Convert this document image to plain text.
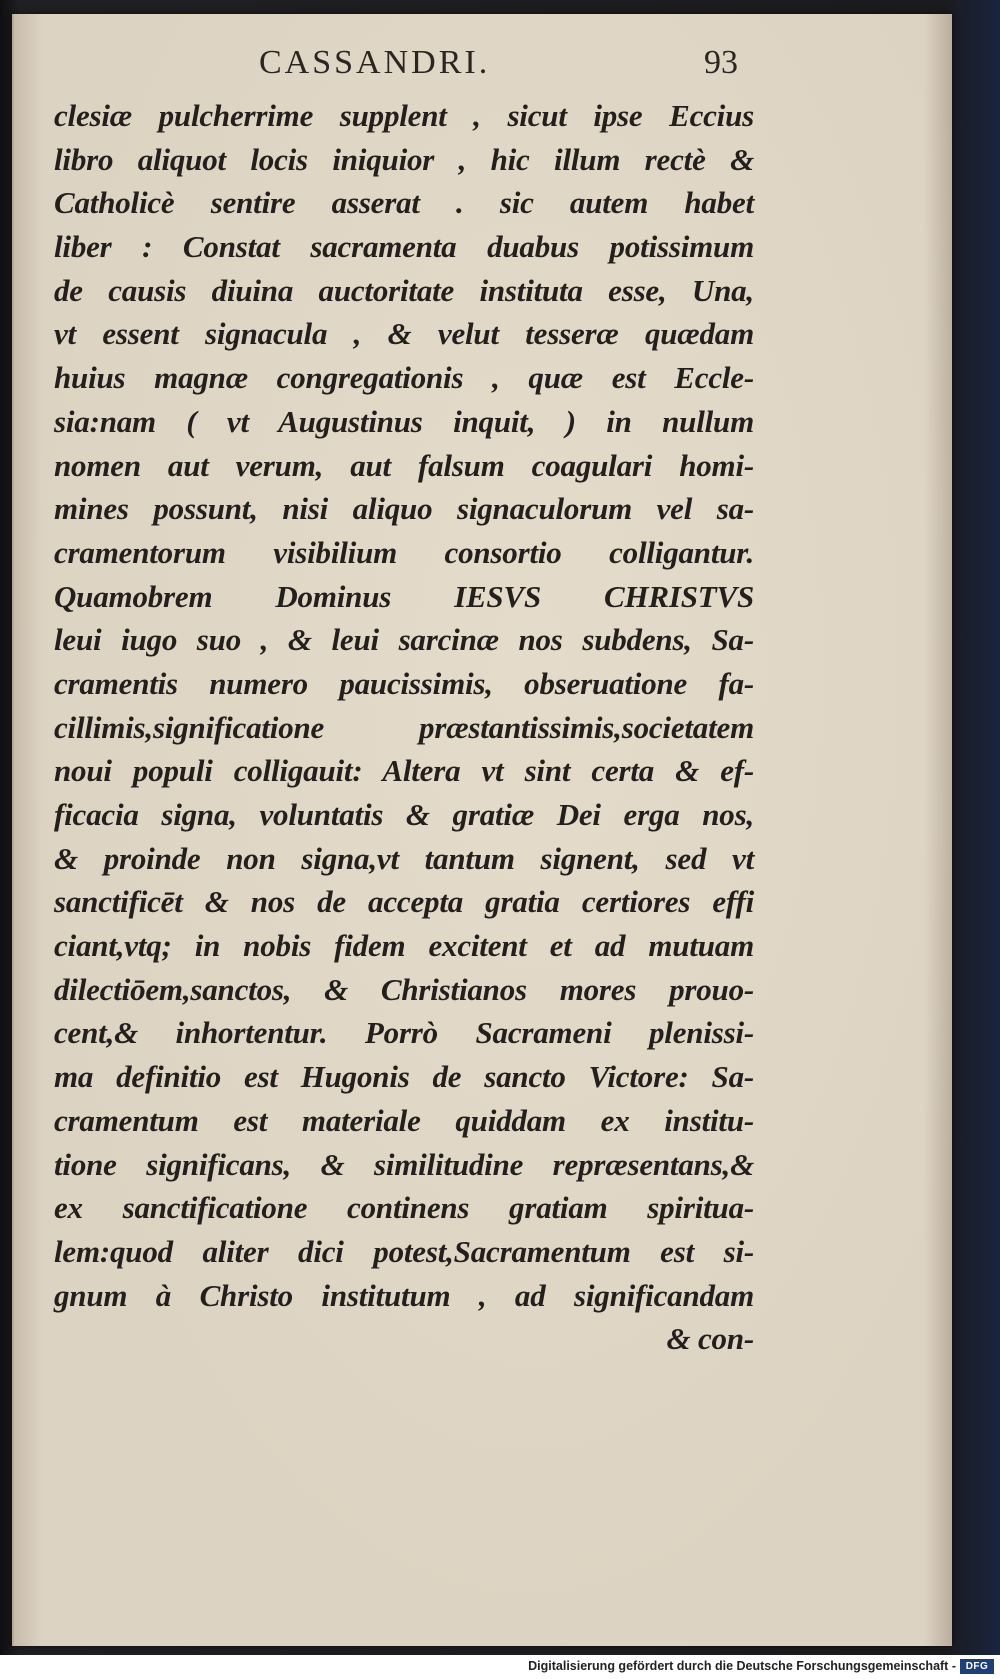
CASSANDRI.	93
clesiæ pulcherrime supplent , sicut ipse Eccius
libro aliquot locis iniquior , hic illum rectè &
Catholicè sentire asserat . sic autem habet
liber : Constat sacramenta duabus potissimum
de causis diuina auctoritate instituta esse, Una,
vt essent signacula , & velut tesseræ quædam
huius magnæ congregationis , quæ est Eccle-
sia:nam ( vt Augustinus inquit, ) in nullum
nomen aut verum, aut falsum coagulari homi-
mines possunt, nisi aliquo signaculorum vel sa-
cramentorum visibilium consortio colligantur.
Quamobrem Dominus IESVS CHRISTVS
leui iugo suo , & leui sarcinæ nos subdens, Sa-
cramentis numero paucissimis, obseruatione fa-
cillimis,significatione præstantissimis,societatem
noui populi colligauit: Altera vt sint certa & ef-
ficacia signa, voluntatis & gratiæ Dei erga nos,
& proinde non signa,vt tantum signent, sed vt
sanctificēt & nos de accepta gratia certiores effi
ciant,vtq; in nobis fidem excitent et ad mutuam
dilectiōem,sanctos, & Christianos mores prouo-
cent,& inhortentur. Porrò Sacrameni plenissi-
ma definitio est Hugonis de sancto Victore: Sa-
cramentum est materiale quiddam ex institu-
tione significans, & similitudine repræsentans,&
ex sanctificatione continens gratiam spiritua-
lem:quod aliter dici potest,Sacramentum est si-
gnum à Christo institutum , ad significandam
& con-
Digitalisierung gefördert durch die Deutsche Forschungsgemeinschaft - DFG
